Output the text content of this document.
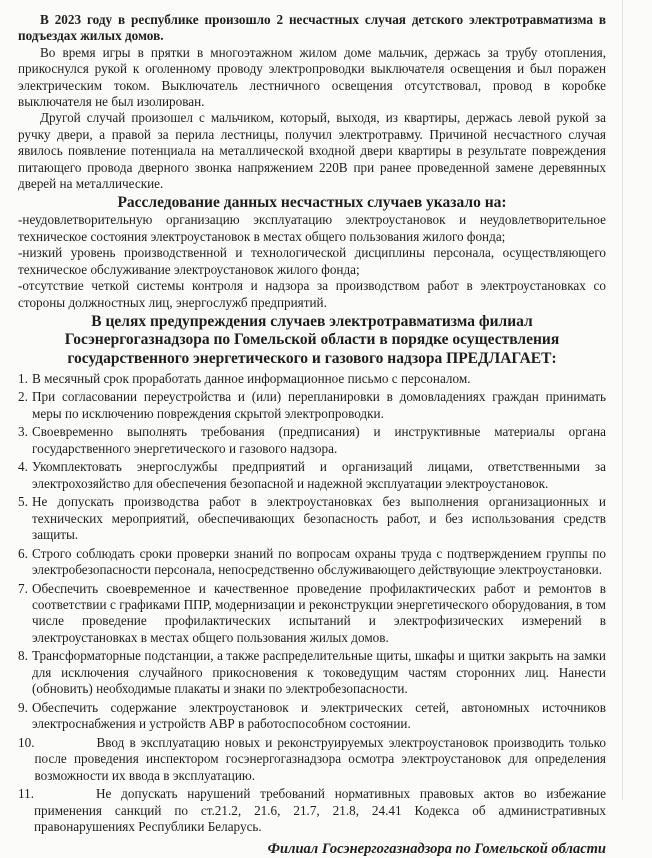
В 2023 году в республике произошло 2 несчастных случая детского электротравматизма в подъездах жилых домов.

Во время игры в прятки в многоэтажном жилом доме мальчик, держась за трубу отопления, прикоснулся рукой к оголенному проводу электропроводки выключателя освещения и был поражен электрическим током. Выключатель лестничного освещения отсутствовал, провод в коробке выключателя не был изолирован.

Другой случай произошел с мальчиком, который, выходя, из квартиры, держась левой рукой за ручку двери, а правой за перила лестницы, получил электротравму. Причиной несчастного случая явилось появление потенциала на металлической входной двери квартиры в результате повреждения питающего провода дверного звонка напряжением 220В при ранее проведенной замене деревянных дверей на металлические.

Расследование данных несчастных случаев указало на:

-неудовлетворительную организацию эксплуатацию электроустановок и неудовлетворительное техническое состояния электроустановок в местах общего пользования жилого фонда;

-низкий уровень производственной и технологической дисциплины персонала, осуществляющего техническое обслуживание электроустановок жилого фонда;

-отсутствие четкой системы контроля и надзора за производством работ в электроустановках со стороны должностных лиц, энергослужб предприятий.

В целях предупреждения случаев электротравматизма филиал
Госэнергогазнадзора по Гомельской области в порядке осуществления
государственного энергетического и газового надзора ПРЕДЛАГАЕТ:
1. В месячный срок проработать данное информационное письмо с персоналом.
2. При согласовании переустройства и (или) перепланировки в домовладениях граждан принимать меры по исключению повреждения скрытой электропроводки.
3. Своевременно выполнять требования (предписания) и инструктивные материалы органа государственного энергетического и газового надзора.
4. Укомплектовать энергослужбы предприятий и организаций лицами, ответственными за электрохозяйство для обеспечения безопасной и надежной эксплуатации электроустановок.
5. Не допускать производства работ в электроустановках без выполнения организационных и технических мероприятий, обеспечивающих безопасность работ, и без использования средств защиты.
6. Строго соблюдать сроки проверки знаний по вопросам охраны труда с подтверждением группы по электробезопасности персонала, непосредственно обслуживающего действующие электроустановки.
7. Обеспечить своевременное и качественное проведение профилактических работ и ремонтов в соответствии с графиками ППР, модернизации и реконструкции энергетического оборудования, в том числе проведение профилактических испытаний и электрофизических измерений в электроустановках в местах общего пользования жилых домов.
8. Трансформаторные подстанции, а также распределительные щиты, шкафы и щитки закрыть на замки для исключения случайного прикосновения к токоведущим частям сторонних лиц. Нанести (обновить) необходимые плакаты и знаки по электробезопасности.
9. Обеспечить содержание электроустановок и электрических сетей, автономных источников электроснабжения и устройств АВР в работоспособном состоянии.
10.	Ввод в эксплуатацию новых и реконструируемых электроустановок производить только после проведения инспектором госэнергогазнадзора осмотра электроустановок для определения возможности их ввода в эксплуатацию.
11.	Не допускать нарушений требований нормативных правовых актов во избежание применения санкций по ст.21.2, 21.6, 21.7, 21.8, 24.41 Кодекса об административных правонарушениях Республики Беларусь.
Филиал Госэнергогазнадзора по Гомельской области
